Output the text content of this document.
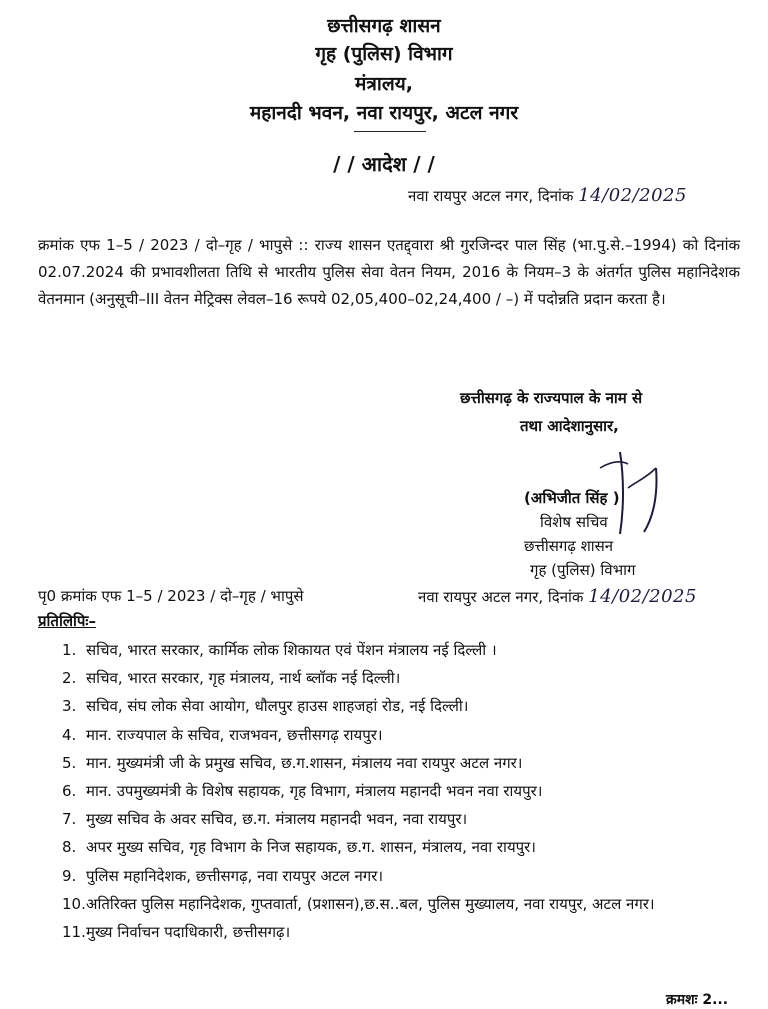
छत्तीसगढ़ शासन
गृह (पुलिस) विभाग
मंत्रालय,
महानदी भवन, नवा रायपुर, अटल नगर
/ / आदेश / /
नवा रायपुर अटल नगर, दिनांक 14/02/2025
क्रमांक एफ 1–5 / 2023 / दो–गृह / भापुसे :: राज्य शासन एतद्द्वारा श्री गुरजिन्दर पाल सिंह (भा.पु.से.–1994) को दिनांक 02.07.2024 की प्रभावशीलता तिथि से भारतीय पुलिस सेवा वेतन नियम, 2016 के नियम–3 के अंतर्गत पुलिस महानिदेशक वेतनमान (अनुसूची–III वेतन मेट्रिक्स लेवल–16 रूपये 02,05,400–02,24,400 / –) में पदोन्नति प्रदान करता है।
छत्तीसगढ़ के राज्यपाल के नाम से
तथा आदेशानुसार,
(अभिजीत सिंह )
विशेष सचिव
छत्तीसगढ़ शासन
गृह (पुलिस) विभाग
पृ0 क्रमांक एफ 1–5 / 2023 / दो–गृह / भापुसे	नवा रायपुर अटल नगर, दिनांक 14/02/2025
प्रतिलिपिः–
1. सचिव, भारत सरकार, कार्मिक लोक शिकायत एवं पेंशन मंत्रालय नई दिल्ली ।
2. सचिव, भारत सरकार, गृह मंत्रालय, नार्थ ब्लॉक नई दिल्ली।
3. सचिव, संघ लोक सेवा आयोग, धौलपुर हाउस शाहजहां रोड, नई दिल्ली।
4. मान. राज्यपाल के सचिव, राजभवन, छत्तीसगढ़ रायपुर।
5. मान. मुख्यमंत्री जी के प्रमुख सचिव, छ.ग.शासन, मंत्रालय नवा रायपुर अटल नगर।
6. मान. उपमुख्यमंत्री के विशेष सहायक, गृह विभाग, मंत्रालय महानदी भवन नवा रायपुर।
7. मुख्य सचिव के अवर सचिव, छ.ग. मंत्रालय महानदी भवन, नवा रायपुर।
8. अपर मुख्य सचिव, गृह विभाग के निज सहायक, छ.ग. शासन, मंत्रालय, नवा रायपुर।
9. पुलिस महानिदेशक, छत्तीसगढ़, नवा रायपुर अटल नगर।
10. अतिरिक्त पुलिस महानिदेशक, गुप्तवार्ता, (प्रशासन),छ.स..बल, पुलिस मुख्यालय, नवा रायपुर, अटल नगर।
11. मुख्य निर्वाचन पदाधिकारी, छत्तीसगढ़।
क्रमशः 2...
